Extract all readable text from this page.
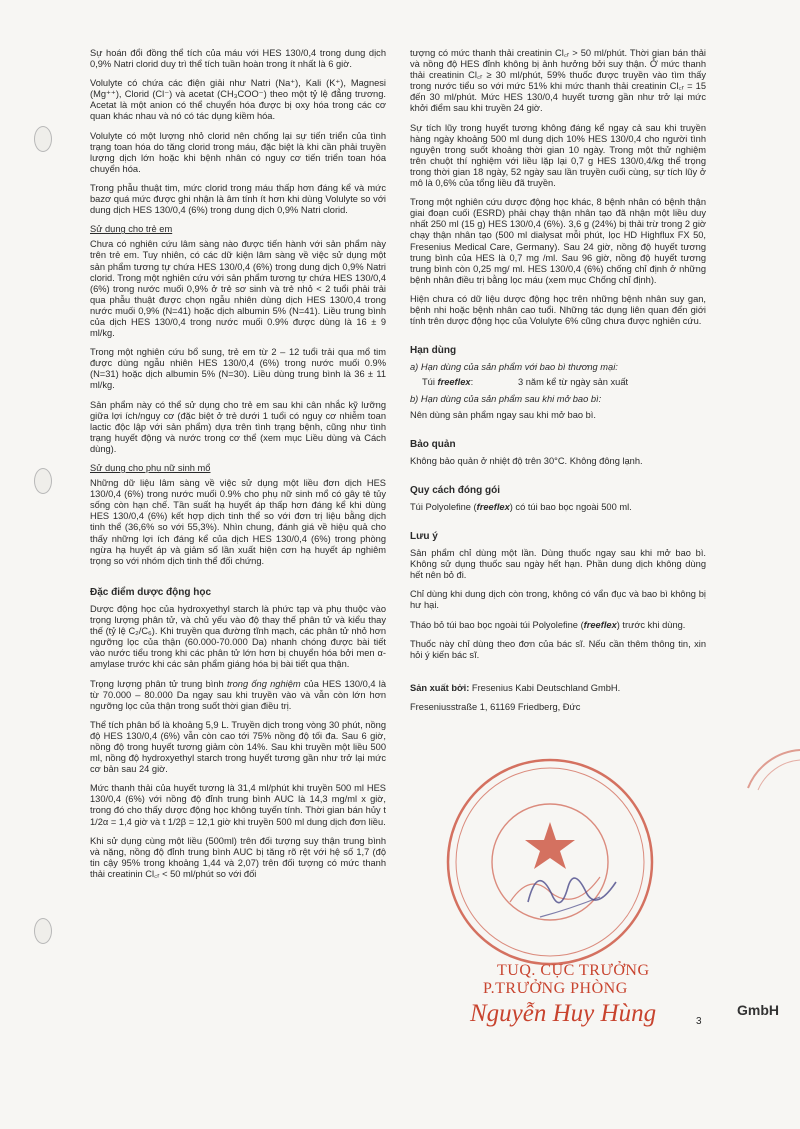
Sự hoán đổi đồng thể tích của máu với HES 130/0,4 trong dung dịch 0,9% Natri clorid duy trì thể tích tuần hoàn trong ít nhất là 6 giờ.

Volulyte có chứa các điện giải như Natri (Na⁺), Kali (K⁺), Magnesi (Mg⁺⁺), Clorid (Cl⁻) và acetat (CH₃COO⁻) theo một tỷ lệ đẳng trương. Acetat là một anion có thể chuyển hóa được bị oxy hóa trong các cơ quan khác nhau và nó có tác dụng kiềm hóa.

Volulyte có một lượng nhỏ clorid nên chống lại sự tiến triển của tình trạng toan hóa do tăng clorid trong máu, đặc biệt là khi cần phải truyền lượng dịch lớn hoặc khi bệnh nhân có nguy cơ tiến triển toan hóa chuyển hóa.

Trong phẫu thuật tim, mức clorid trong máu thấp hơn đáng kể và mức bazơ quá mức được ghi nhận là âm tính ít hơn khi dùng Volulyte so với dung dịch HES 130/0,4 (6%) trong dung dịch 0,9% Natri clorid.

Sử dụng cho trẻ em

Chưa có nghiên cứu lâm sàng nào được tiến hành với sản phẩm này trên trẻ em. Tuy nhiên, có các dữ kiện lâm sàng về việc sử dụng một sản phẩm tương tự chứa HES 130/0,4 (6%) trong dung dịch 0,9% Natri clorid. Trong một nghiên cứu với sản phẩm tương tự chứa HES 130/0,4 (6%) trong nước muối 0,9% ở trẻ sơ sinh và trẻ nhỏ < 2 tuổi phải trải qua phẫu thuật được chọn ngẫu nhiên dùng dịch HES 130/0,4 trong nước muối 0,9% (N=41) hoặc dịch albumin 5% (N=41). Liều trung bình của dịch HES 130/0,4 trong nước muối 0.9% được dùng là 16 ± 9 ml/kg.

Trong một nghiên cứu bổ sung, trẻ em từ 2 – 12 tuổi trải qua mổ tim được dùng ngẫu nhiên HES 130/0,4 (6%) trong nước muối 0.9% (N=31) hoặc dịch albumin 5% (N=30). Liều dùng trung bình là 36 ± 11 ml/kg.

Sản phẩm này có thể sử dụng cho trẻ em sau khi cân nhắc kỹ lưỡng giữa lợi ích/nguy cơ (đặc biệt ở trẻ dưới 1 tuổi có nguy cơ nhiễm toan lactic độc lập với sản phẩm) dựa trên tình trạng bệnh, cũng như tình trạng huyết động và nước trong cơ thể (xem mục Liều dùng và Cách dùng).

Sử dụng cho phụ nữ sinh mổ

Những dữ liệu lâm sàng về việc sử dụng một liều đơn dịch HES 130/0,4 (6%) trong nước muối 0.9% cho phụ nữ sinh mổ có gây tê tủy sống còn hạn chế. Tần suất hạ huyết áp thấp hơn đáng kể khi dùng HES 130/0,4 (6%) kết hợp dịch tinh thể so với đơn trị liệu bằng dịch tinh thể (36,6% so với 55,3%). Nhìn chung, đánh giá về hiệu quả cho thấy những lợi ích đáng kể của dịch HES 130/0,4 (6%) trong phòng ngừa hạ huyết áp và giảm số lần xuất hiện cơn hạ huyết áp nghiêm trọng so với nhóm dịch tinh thể đối chứng.

Đặc điểm dược động học

Dược động học của hydroxyethyl starch là phức tạp và phụ thuộc vào trọng lượng phân tử, và chủ yếu vào độ thay thế phân tử và kiểu thay thế (tỷ lệ C₂/C₆). Khi truyền qua đường tĩnh mạch, các phân tử nhỏ hơn ngưỡng lọc của thận (60.000-70.000 Da) nhanh chóng được bài tiết vào nước tiểu trong khi các phân tử lớn hơn bị chuyển hóa bởi men α-amylase trước khi các sản phẩm giáng hóa bị bài tiết qua thận.

Trọng lượng phân tử trung bình trong ống nghiệm của HES 130/0,4 là từ 70.000 – 80.000 Da ngay sau khi truyền vào và vẫn còn lớn hơn ngưỡng lọc của thận trong suốt thời gian điều trị.

Thể tích phân bố là khoảng 5,9 L. Truyền dịch trong vòng 30 phút, nồng độ HES 130/0,4 (6%) vẫn còn cao tới 75% nồng độ tối đa. Sau 6 giờ, nồng độ trong huyết tương giảm còn 14%. Sau khi truyền một liều 500 ml, nồng độ hydroxyethyl starch trong huyết tương gần như trở lại mức cơ bản sau 24 giờ.

Mức thanh thải của huyết tương là 31,4 ml/phút khi truyền 500 ml HES 130/0,4 (6%) với nồng độ đỉnh trung bình AUC là 14,3 mg/ml x giờ, trong đó cho thấy dược động học không tuyến tính. Thời gian bán hủy t 1/2α = 1,4 giờ và t 1/2β = 12,1 giờ khi truyền 500 ml dung dịch đơn liều.

Khi sử dụng cùng một liều (500ml) trên đối tượng suy thận trung bình và nặng, nồng độ đỉnh trung bình AUC bị tăng rõ rệt với hệ số 1,7 (độ tin cậy 95% trong khoảng 1,44 và 2,07) trên đối tượng có mức thanh thải creatinin Cl꜀ᵣ < 50 ml/phút so với đối

tượng có mức thanh thải creatinin Cl꜀ᵣ > 50 ml/phút. Thời gian bán thải và nồng độ HES đỉnh không bị ảnh hưởng bởi suy thận. Ở mức thanh thải creatinin Cl꜀ᵣ ≥ 30 ml/phút, 59% thuốc được truyền vào tìm thấy trong nước tiểu so với mức 51% khi mức thanh thải creatinin Cl꜀ᵣ = 15 đến 30 ml/phút. Mức HES 130/0,4 huyết tương gần như trở lại mức khởi điểm sau khi truyền 24 giờ.

Sự tích lũy trong huyết tương không đáng kể ngay cả sau khi truyền hàng ngày khoảng 500 ml dung dịch 10% HES 130/0,4 cho người tình nguyện trong suốt khoảng thời gian 10 ngày. Trong một thử nghiệm trên chuột thí nghiệm với liều lặp lại 0,7 g HES 130/0,4/kg thể trọng trong thời gian 18 ngày, 52 ngày sau lần truyền cuối cùng, sự tích lũy ở mô là 0,6% của tổng liều đã truyền.

Trong một nghiên cứu dược động học khác, 8 bệnh nhân có bệnh thận giai đoạn cuối (ESRD) phải chạy thận nhân tạo đã nhận một liều duy nhất 250 ml (15 g) HES 130/0,4 (6%). 3,6 g (24%) bị thải trừ trong 2 giờ chạy thận nhân tạo (500 ml dialysat mỗi phút, lọc HD Highflux FX 50, Fresenius Medical Care, Germany). Sau 24 giờ, nồng độ huyết tương trung bình của HES là 0,7 mg /ml. Sau 96 giờ, nồng độ huyết tương trung bình còn 0,25 mg/ ml. HES 130/0,4 (6%) chống chỉ định ở những bệnh nhân điều trị bằng lọc máu (xem mục Chống chỉ định).

Hiện chưa có dữ liệu dược động học trên những bệnh nhân suy gan, bệnh nhi hoặc bệnh nhân cao tuổi. Những tác dụng liên quan đến giới tính trên dược động học của Volulyte 6% cũng chưa được nghiên cứu.

Hạn dùng

a) Hạn dùng của sản phẩm với bao bì thương mại:

Túi freeflex:	3 năm kể từ ngày sản xuất

b) Hạn dùng của sản phẩm sau khi mở bao bì:

Nên dùng sản phẩm ngay sau khi mở bao bì.

Bảo quản

Không bảo quản ở nhiệt độ trên 30°C. Không đông lạnh.

Quy cách đóng gói

Túi Polyolefine (freeflex) có túi bao bọc ngoài 500 ml.

Lưu ý

Sản phẩm chỉ dùng một lần. Dùng thuốc ngay sau khi mở bao bì. Không sử dụng thuốc sau ngày hết hạn. Phần dung dịch không dùng hết nên bỏ đi.

Chỉ dùng khi dung dịch còn trong, không có vẩn đục và bao bì không bị hư hại.

Tháo bỏ túi bao bọc ngoài túi Polyolefine (freeflex) trước khi dùng.

Thuốc này chỉ dùng theo đơn của bác sĩ. Nếu cần thêm thông tin, xin hỏi ý kiến bác sĩ.

Sản xuất bởi: Fresenius Kabi Deutschland GmbH.

Freseniusstraße 1, 61169 Friedberg, Đức

TUQ. CỤC TRƯỞNG
P.TRƯỞNG PHÒNG
Nguyễn Huy Hùng	GmbH
3
